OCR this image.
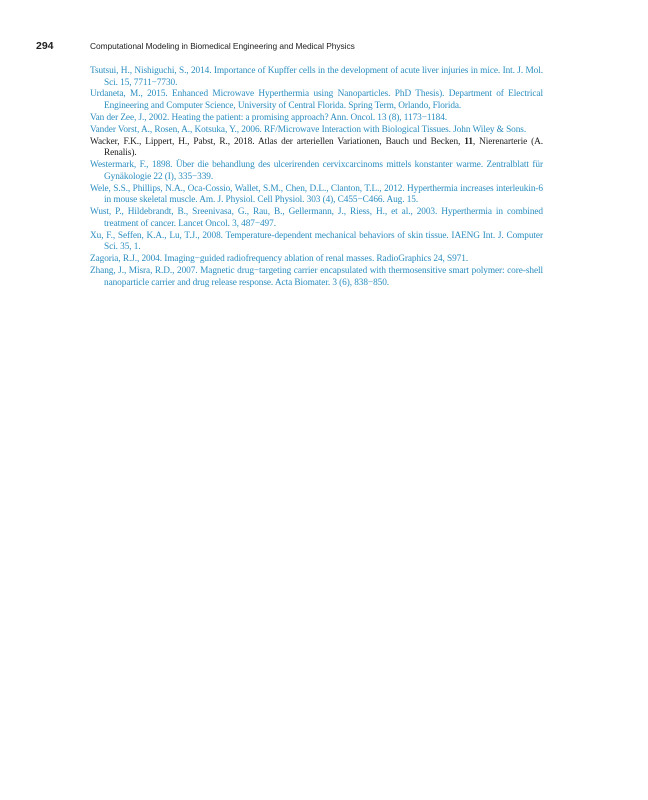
294	Computational Modeling in Biomedical Engineering and Medical Physics

Tsutsui, H., Nishiguchi, S., 2014. Importance of Kupffer cells in the development of acute liver injuries in mice. Int. J. Mol. Sci. 15, 7711−7730.

Urdaneta, M., 2015. Enhanced Microwave Hyperthermia using Nanoparticles. PhD Thesis). Department of Electrical Engineering and Computer Science, University of Central Florida. Spring Term, Orlando, Florida.

Van der Zee, J., 2002. Heating the patient: a promising approach? Ann. Oncol. 13 (8), 1173−1184.

Vander Vorst, A., Rosen, A., Kotsuka, Y., 2006. RF/Microwave Interaction with Biological Tissues. John Wiley & Sons.

Wacker, F.K., Lippert, H., Pabst, R., 2018. Atlas der arteriellen Variationen, Bauch und Becken, 11, Nierenarterie (A. Renalis).

Westermark, F., 1898. Über die behandlung des ulcerirenden cervixcarcinoms mittels konstanter warme. Zentralblatt für Gynäkologie 22 (I), 335−339.

Wele, S.S., Phillips, N.A., Oca-Cossio, Wallet, S.M., Chen, D.L., Clanton, T.L., 2012. Hyperthermia increases interleukin-6 in mouse skeletal muscle. Am. J. Physiol. Cell Physiol. 303 (4), C455−C466. Aug. 15.

Wust, P., Hildebrandt, B., Sreenivasa, G., Rau, B., Gellermann, J., Riess, H., et al., 2003. Hyperthermia in combined treatment of cancer. Lancet Oncol. 3, 487−497.

Xu, F., Seffen, K.A., Lu, T.J., 2008. Temperature-dependent mechanical behaviors of skin tissue. IAENG Int. J. Computer Sci. 35, 1.

Zagoria, R.J., 2004. Imaging−guided radiofrequency ablation of renal masses. RadioGraphics 24, S971.

Zhang, J., Misra, R.D., 2007. Magnetic drug−targeting carrier encapsulated with thermosensitive smart polymer: core-shell nanoparticle carrier and drug release response. Acta Biomater. 3 (6), 838−850.
